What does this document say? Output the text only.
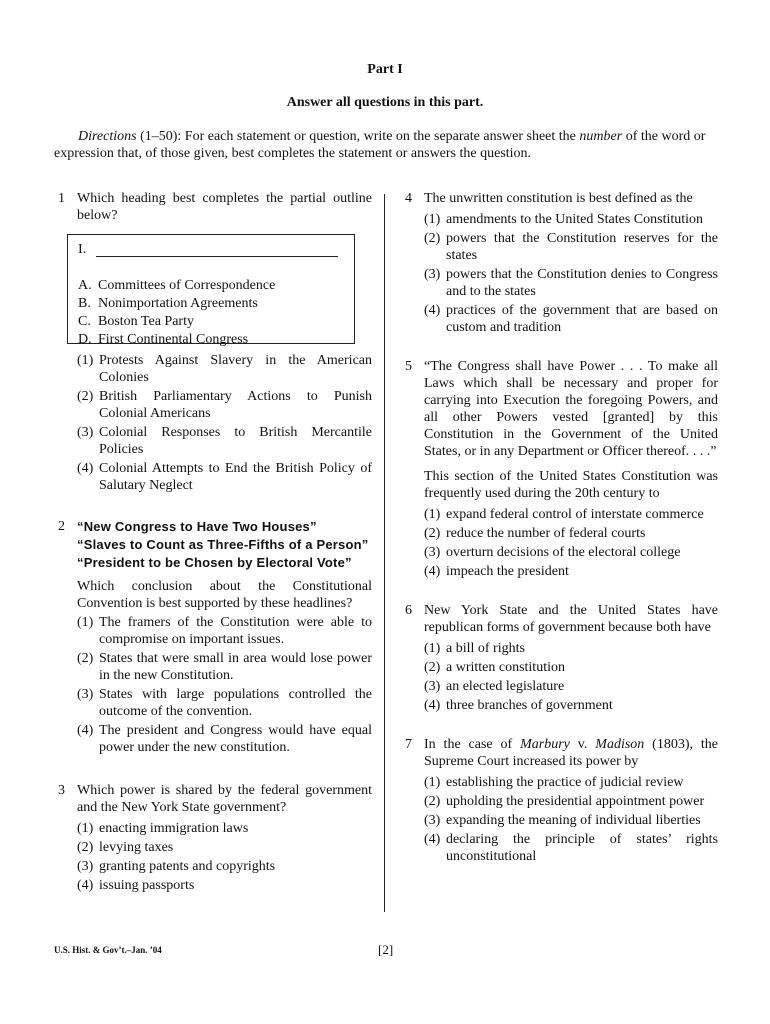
Part I
Answer all questions in this part.
Directions (1–50): For each statement or question, write on the separate answer sheet the number of the word or expression that, of those given, best completes the statement or answers the question.
1 Which heading best completes the partial outline below?
I.
A. Committees of Correspondence
B. Nonimportation Agreements
C. Boston Tea Party
D. First Continental Congress
(1) Protests Against Slavery in the American Colonies
(2) British Parliamentary Actions to Punish Colonial Americans
(3) Colonial Responses to British Mercantile Policies
(4) Colonial Attempts to End the British Policy of Salutary Neglect
2 “New Congress to Have Two Houses”
“Slaves to Count as Three-Fifths of a Person”
“President to be Chosen by Electoral Vote”
Which conclusion about the Constitutional Convention is best supported by these headlines?
(1) The framers of the Constitution were able to compromise on important issues.
(2) States that were small in area would lose power in the new Constitution.
(3) States with large populations controlled the outcome of the convention.
(4) The president and Congress would have equal power under the new constitution.
3 Which power is shared by the federal government and the New York State government?
(1) enacting immigration laws
(2) levying taxes
(3) granting patents and copyrights
(4) issuing passports
4 The unwritten constitution is best defined as the
(1) amendments to the United States Constitution
(2) powers that the Constitution reserves for the states
(3) powers that the Constitution denies to Congress and to the states
(4) practices of the government that are based on custom and tradition
5 “The Congress shall have Power . . . To make all Laws which shall be necessary and proper for carrying into Execution the foregoing Powers, and all other Powers vested [granted] by this Constitution in the Government of the United States, or in any Department or Officer thereof. . . .”
This section of the United States Constitution was frequently used during the 20th century to
(1) expand federal control of interstate commerce
(2) reduce the number of federal courts
(3) overturn decisions of the electoral college
(4) impeach the president
6 New York State and the United States have republican forms of government because both have
(1) a bill of rights
(2) a written constitution
(3) an elected legislature
(4) three branches of government
7 In the case of Marbury v. Madison (1803), the Supreme Court increased its power by
(1) establishing the practice of judicial review
(2) upholding the presidential appointment power
(3) expanding the meaning of individual liberties
(4) declaring the principle of states’ rights unconstitutional
U.S. Hist. & Gov’t.–Jan. ’04	[2]
